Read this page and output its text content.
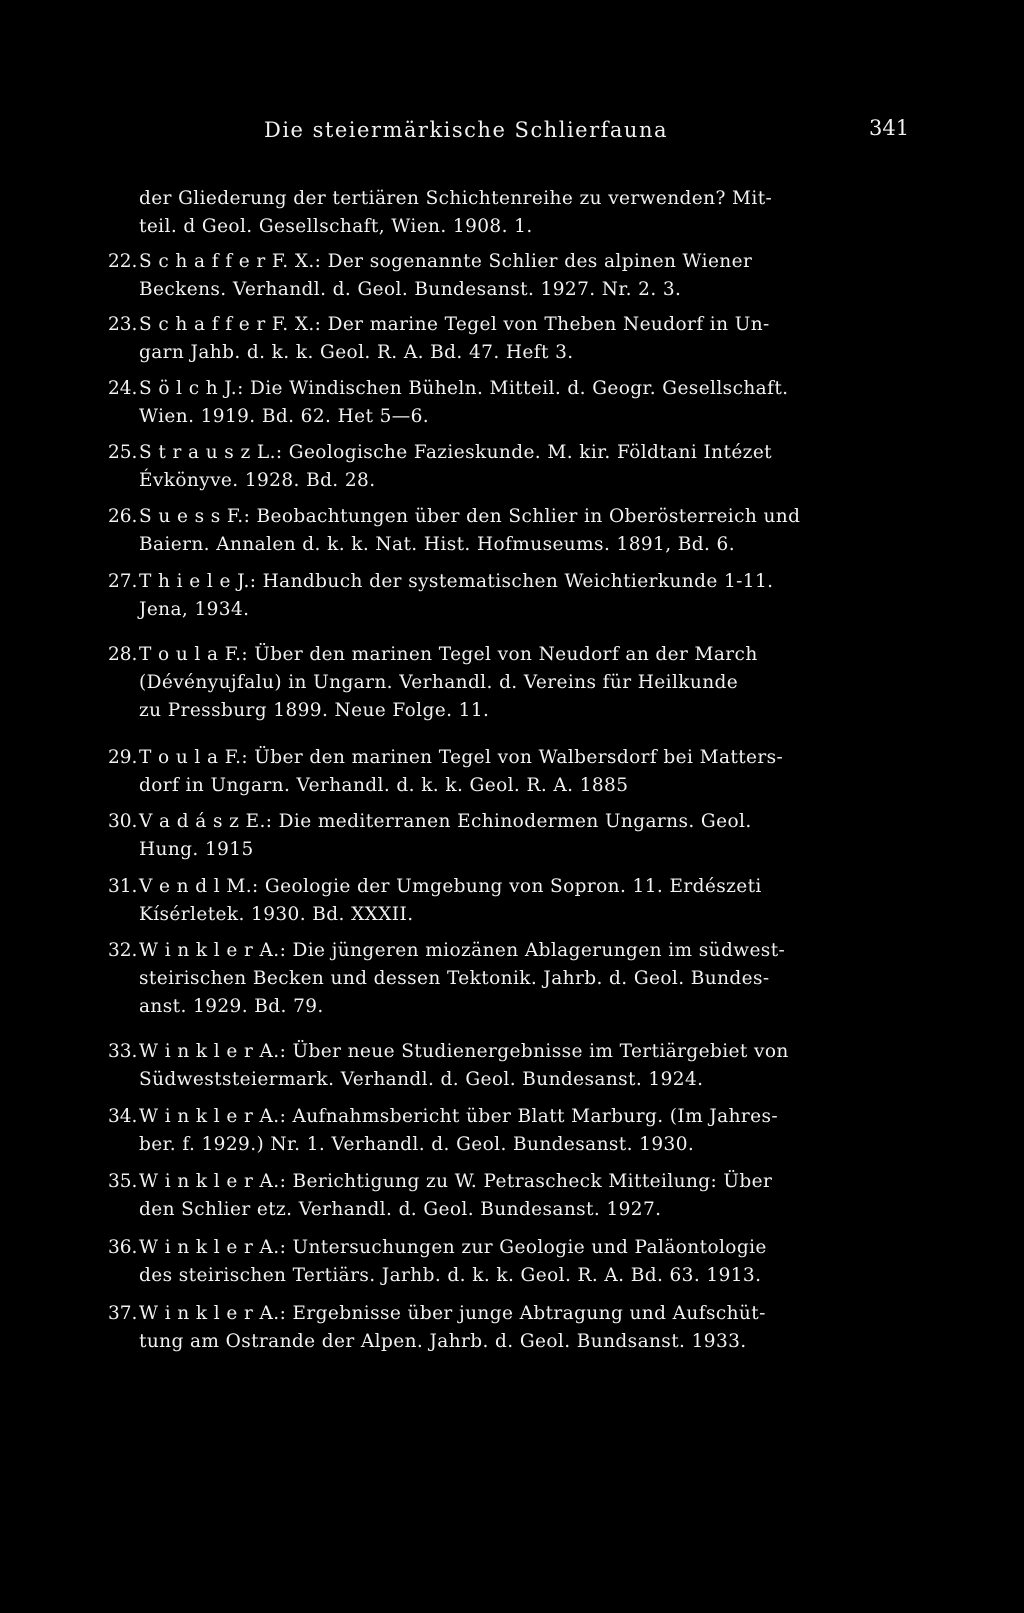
Die steiermärkische Schlierfauna	341
der Gliederung der tertiären Schichtenreihe zu verwenden? Mit-
teil. d Geol. Gesellschaft, Wien. 1908. 1.
22. S c h a f f e r F. X.: Der sogenannte Schlier des alpinen Wiener
Beckens. Verhandl. d. Geol. Bundesanst. 1927. Nr. 2. 3.
23. S c h a f f e r F. X.: Der marine Tegel von Theben Neudorf in Un-
garn Jahb. d. k. k. Geol. R. A. Bd. 47. Heft 3.
24. S ö l c h J.: Die Windischen Büheln. Mitteil. d. Geogr. Gesellschaft.
Wien. 1919. Bd. 62. Het 5—6.
25. S t r a u s z L.: Geologische Fazieskunde. M. kir. Földtani Intézet
Évkönyve. 1928. Bd. 28.
26. S u e s s F.: Beobachtungen über den Schlier in Oberösterreich und
Baiern. Annalen d. k. k. Nat. Hist. Hofmuseums. 1891, Bd. 6.
27. T h i e l e J.: Handbuch der systematischen Weichtierkunde 1-11.
Jena, 1934.
28. T o u l a F.: Über den marinen Tegel von Neudorf an der March
(Dévényujfalu) in Ungarn. Verhandl. d. Vereins für Heilkunde
zu Pressburg 1899. Neue Folge. 11.
29. T o u l a F.: Über den marinen Tegel von Walbersdorf bei Matters-
dorf in Ungarn. Verhandl. d. k. k. Geol. R. A. 1885
30. V a d á s z E.: Die mediterranen Echinodermen Ungarns. Geol.
Hung. 1915
31. V e n d l M.: Geologie der Umgebung von Sopron. 11. Erdészeti
Kísérletek. 1930. Bd. XXXII.
32. W i n k l e r A.: Die jüngeren miozänen Ablagerungen im südwest-
steirischen Becken und dessen Tektonik. Jahrb. d. Geol. Bundes-
anst. 1929. Bd. 79.
33. W i n k l e r A.: Über neue Studienergebnisse im Tertiärgebiet von
Südweststeiermark. Verhandl. d. Geol. Bundesanst. 1924.
34. W i n k l e r A.: Aufnahmsbericht über Blatt Marburg. (Im Jahres-
ber. f. 1929.) Nr. 1. Verhandl. d. Geol. Bundesanst. 1930.
35. W i n k l e r A.: Berichtigung zu W. Petrascheck Mitteilung: Über
den Schlier etz. Verhandl. d. Geol. Bundesanst. 1927.
36. W i n k l e r A.: Untersuchungen zur Geologie und Paläontologie
des steirischen Tertiärs. Jarhb. d. k. k. Geol. R. A. Bd. 63. 1913.
37. W i n k l e r A.: Ergebnisse über junge Abtragung und Aufschüt-
tung am Ostrande der Alpen. Jahrb. d. Geol. Bundsanst. 1933.
